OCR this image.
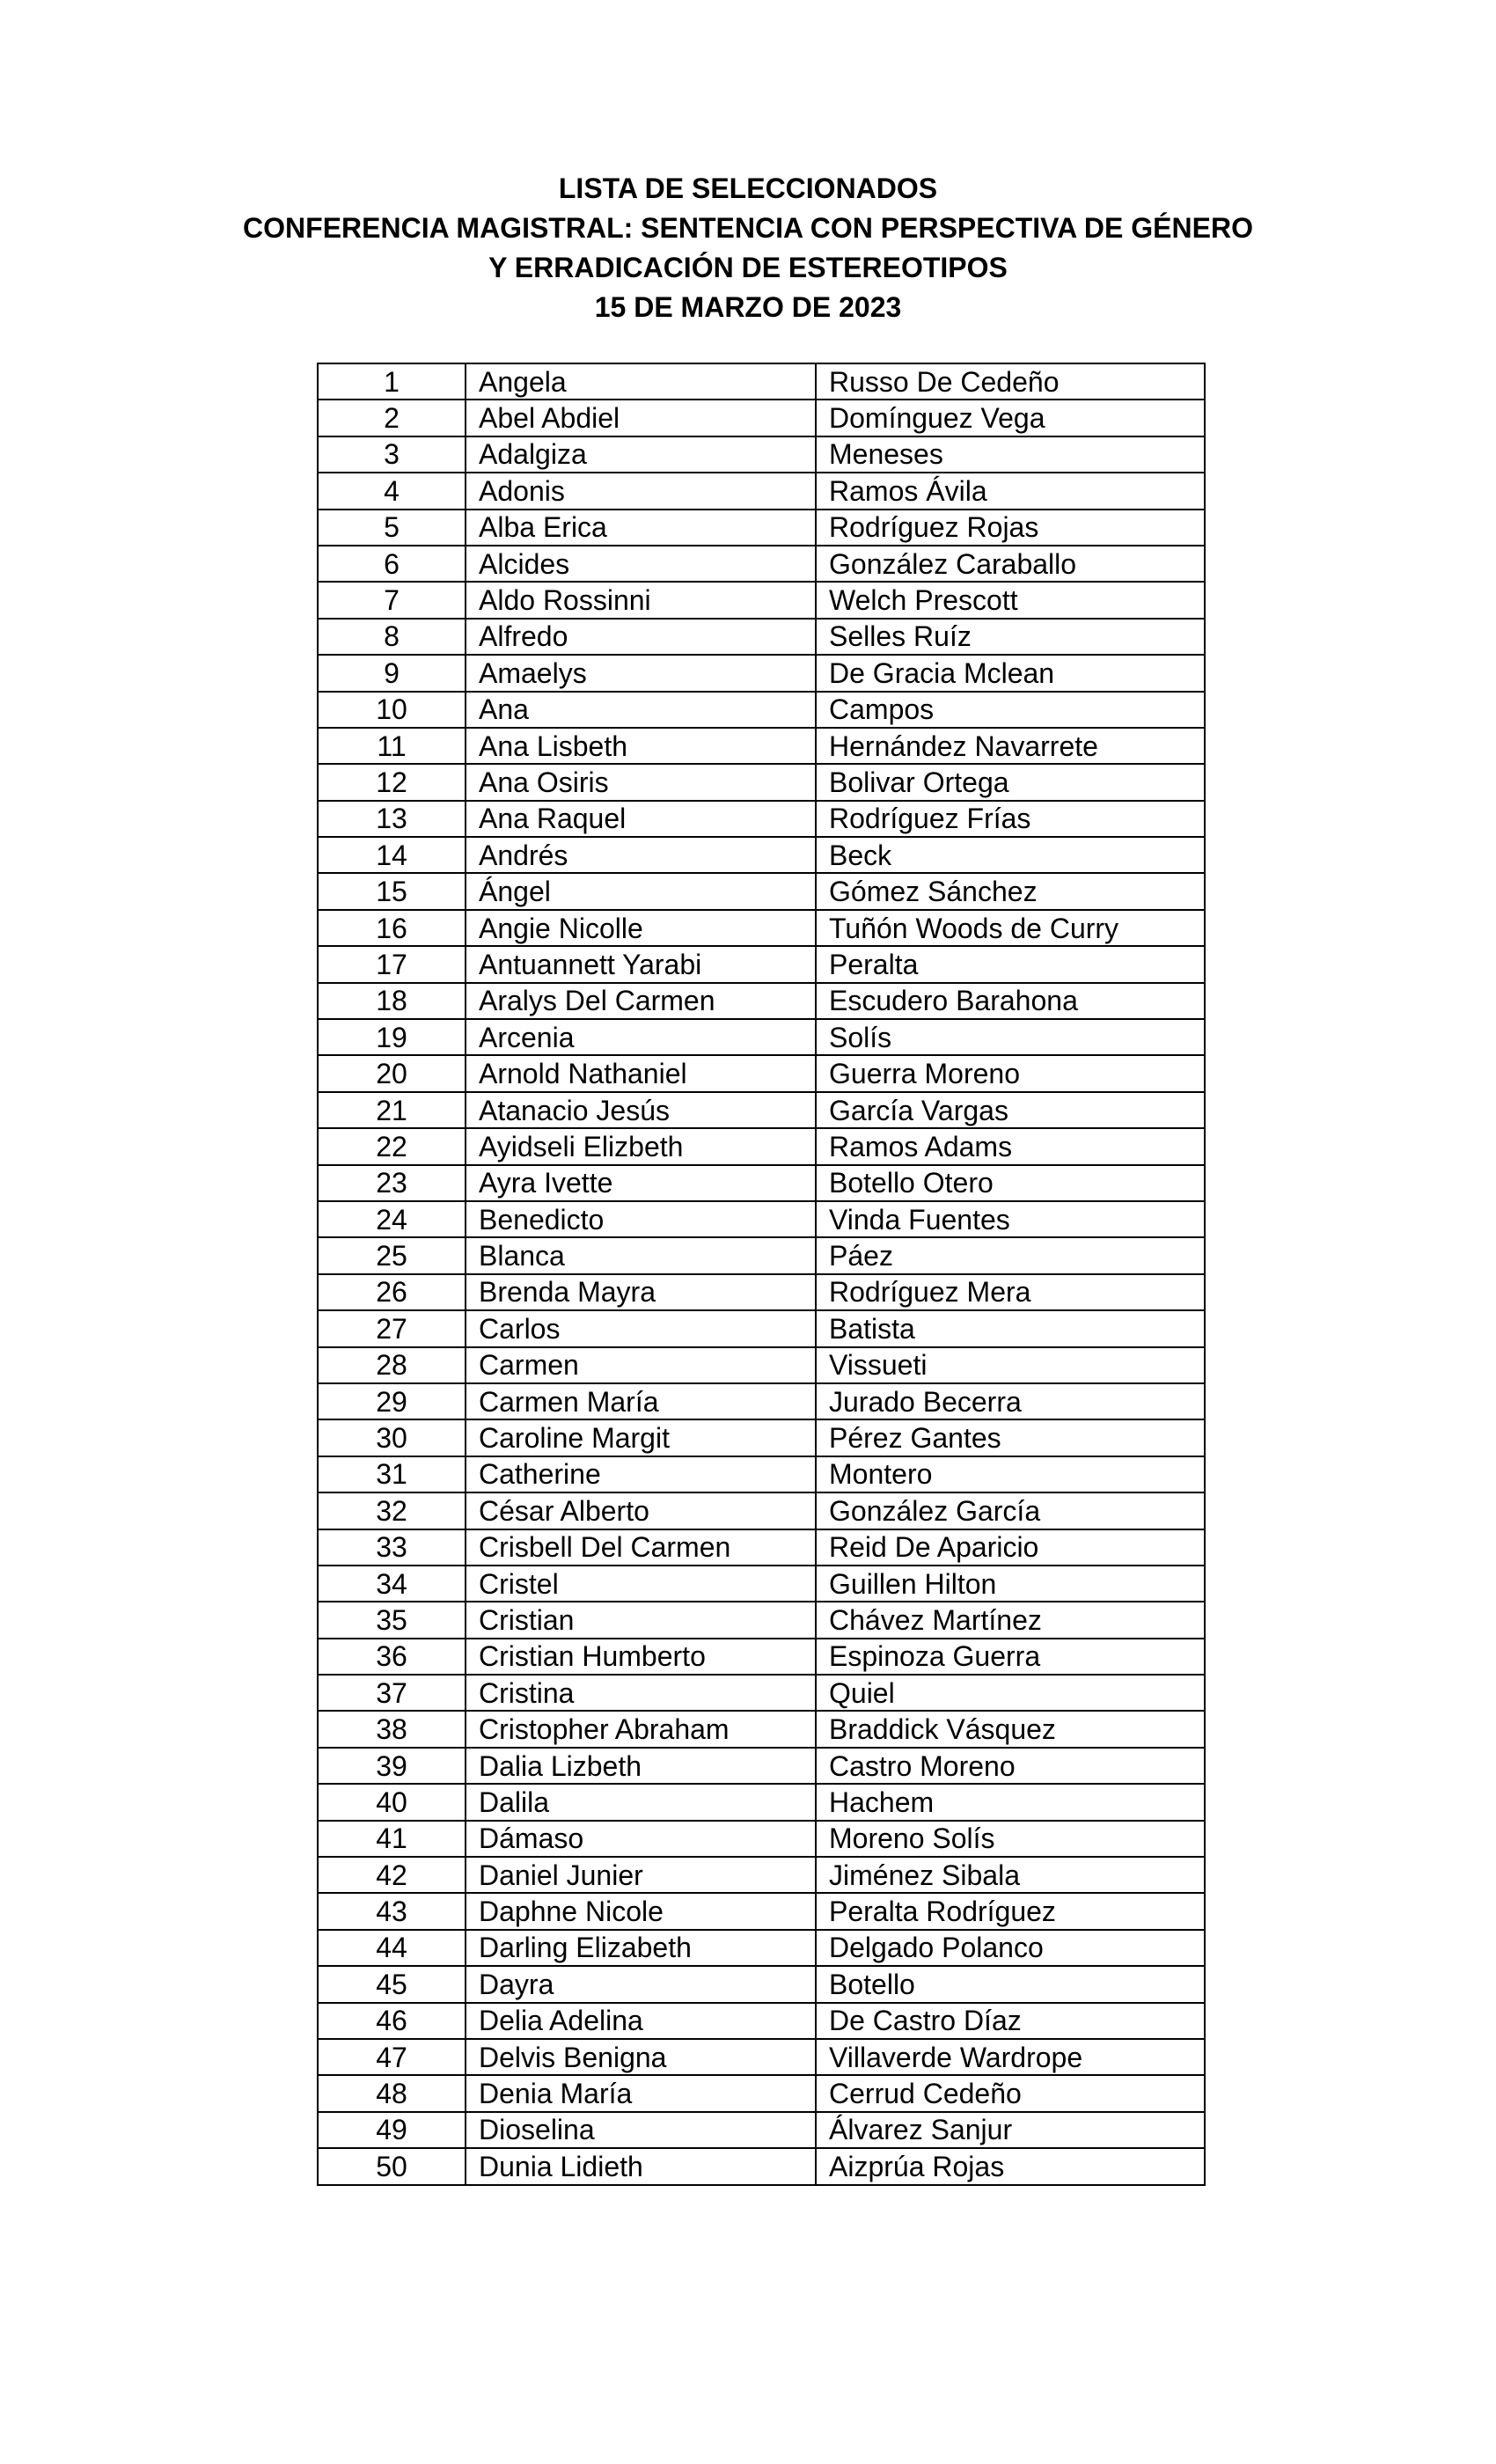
LISTA DE SELECCIONADOS
CONFERENCIA MAGISTRAL: SENTENCIA CON PERSPECTIVA DE GÉNERO
Y ERRADICACIÓN DE ESTEREOTIPOS
15 DE MARZO DE 2023
1	Angela	Russo De Cedeño
2	Abel Abdiel	Domínguez Vega
3	Adalgiza	Meneses
4	Adonis	Ramos Ávila
5	Alba Erica	Rodríguez Rojas
6	Alcides	González Caraballo
7	Aldo Rossinni	Welch Prescott
8	Alfredo	Selles Ruíz
9	Amaelys	De Gracia Mclean
10	Ana	Campos
11	Ana Lisbeth	Hernández Navarrete
12	Ana Osiris	Bolivar Ortega
13	Ana Raquel	Rodríguez Frías
14	Andrés	Beck
15	Ángel	Gómez Sánchez
16	Angie Nicolle	Tuñón Woods de Curry
17	Antuannett Yarabi	Peralta
18	Aralys Del Carmen	Escudero Barahona
19	Arcenia	Solís
20	Arnold Nathaniel	Guerra Moreno
21	Atanacio Jesús	García Vargas
22	Ayidseli Elizbeth	Ramos Adams
23	Ayra Ivette	Botello Otero
24	Benedicto	Vinda Fuentes
25	Blanca	Páez
26	Brenda Mayra	Rodríguez Mera
27	Carlos	Batista
28	Carmen	Vissueti
29	Carmen María	Jurado Becerra
30	Caroline Margit	Pérez Gantes
31	Catherine	Montero
32	César Alberto	González García
33	Crisbell Del Carmen	Reid De Aparicio
34	Cristel	Guillen Hilton
35	Cristian	Chávez Martínez
36	Cristian Humberto	Espinoza Guerra
37	Cristina	Quiel
38	Cristopher Abraham	Braddick Vásquez
39	Dalia Lizbeth	Castro Moreno
40	Dalila	Hachem
41	Dámaso	Moreno Solís
42	Daniel Junier	Jiménez Sibala
43	Daphne Nicole	Peralta Rodríguez
44	Darling Elizabeth	Delgado Polanco
45	Dayra	Botello
46	Delia Adelina	De Castro Díaz
47	Delvis Benigna	Villaverde Wardrope
48	Denia María	Cerrud Cedeño
49	Dioselina	Álvarez Sanjur
50	Dunia Lidieth	Aizprúa Rojas
